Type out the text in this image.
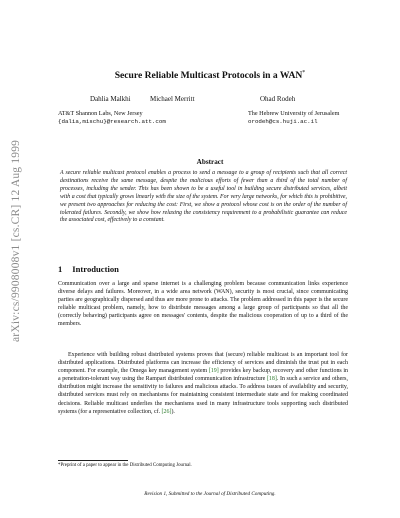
arXiv:cs/9908008v1 [cs.CR] 12 Aug 1999
Secure Reliable Multicast Protocols in a WAN*
Dahlia Malkhi	Michael Merritt	Ohad Rodeh
AT&T Shannon Labs, New Jersey
{dalia,mischu}@research.att.com
The Hebrew University of Jerusalem
orodeh@cs.huji.ac.il
Abstract
A secure reliable multicast protocol enables a process to send a message to a group of recipients such that all correct destinations receive the same message, despite the malicious efforts of fewer than a third of the total number of processes, including the sender. This has been shown to be a useful tool in building secure distributed services, albeit with a cost that typically grows linearly with the size of the system. For very large networks, for which this is prohibitive, we present two approaches for reducing the cost: First, we show a protocol whose cost is on the order of the number of tolerated failures. Secondly, we show how relaxing the consistency requirement to a probabilistic guarantee can reduce the associated cost, effectively to a constant.
1 Introduction
Communication over a large and sparse internet is a challenging problem because communication links experience diverse delays and failures. Moreover, in a wide area network (WAN), security is most crucial, since communicating parties are geographically dispersed and thus are more prone to attacks. The problem addressed in this paper is the secure reliable multicast problem, namely, how to distribute messages among a large group of participants so that all the (correctly behaving) participants agree on messages' contents, despite the malicious cooperation of up to a third of the members.
Experience with building robust distributed systems proves that (secure) reliable multicast is an important tool for distributed applications. Distributed platforms can increase the efficiency of services and diminish the trust put in each component. For example, the Omega key management system [19] provides key backup, recovery and other functions in a penetration-tolerant way using the Rampart distributed communication infrastructure [18]. In such a service and others, distribution might increase the sensitivity to failures and malicious attacks. To address issues of availability and security, distributed services must rely on mechanisms for maintaining consistent intermediate state and for making coordinated decisions. Reliable multicast underlies the mechanisms used in many infrastructure tools supporting such distributed systems (for a representative collection, cf. [26]).
*Preprint of a paper to appear in the Distributed Computing Journal.
Revision 1, Submitted to the Journal of Distributed Computing.
